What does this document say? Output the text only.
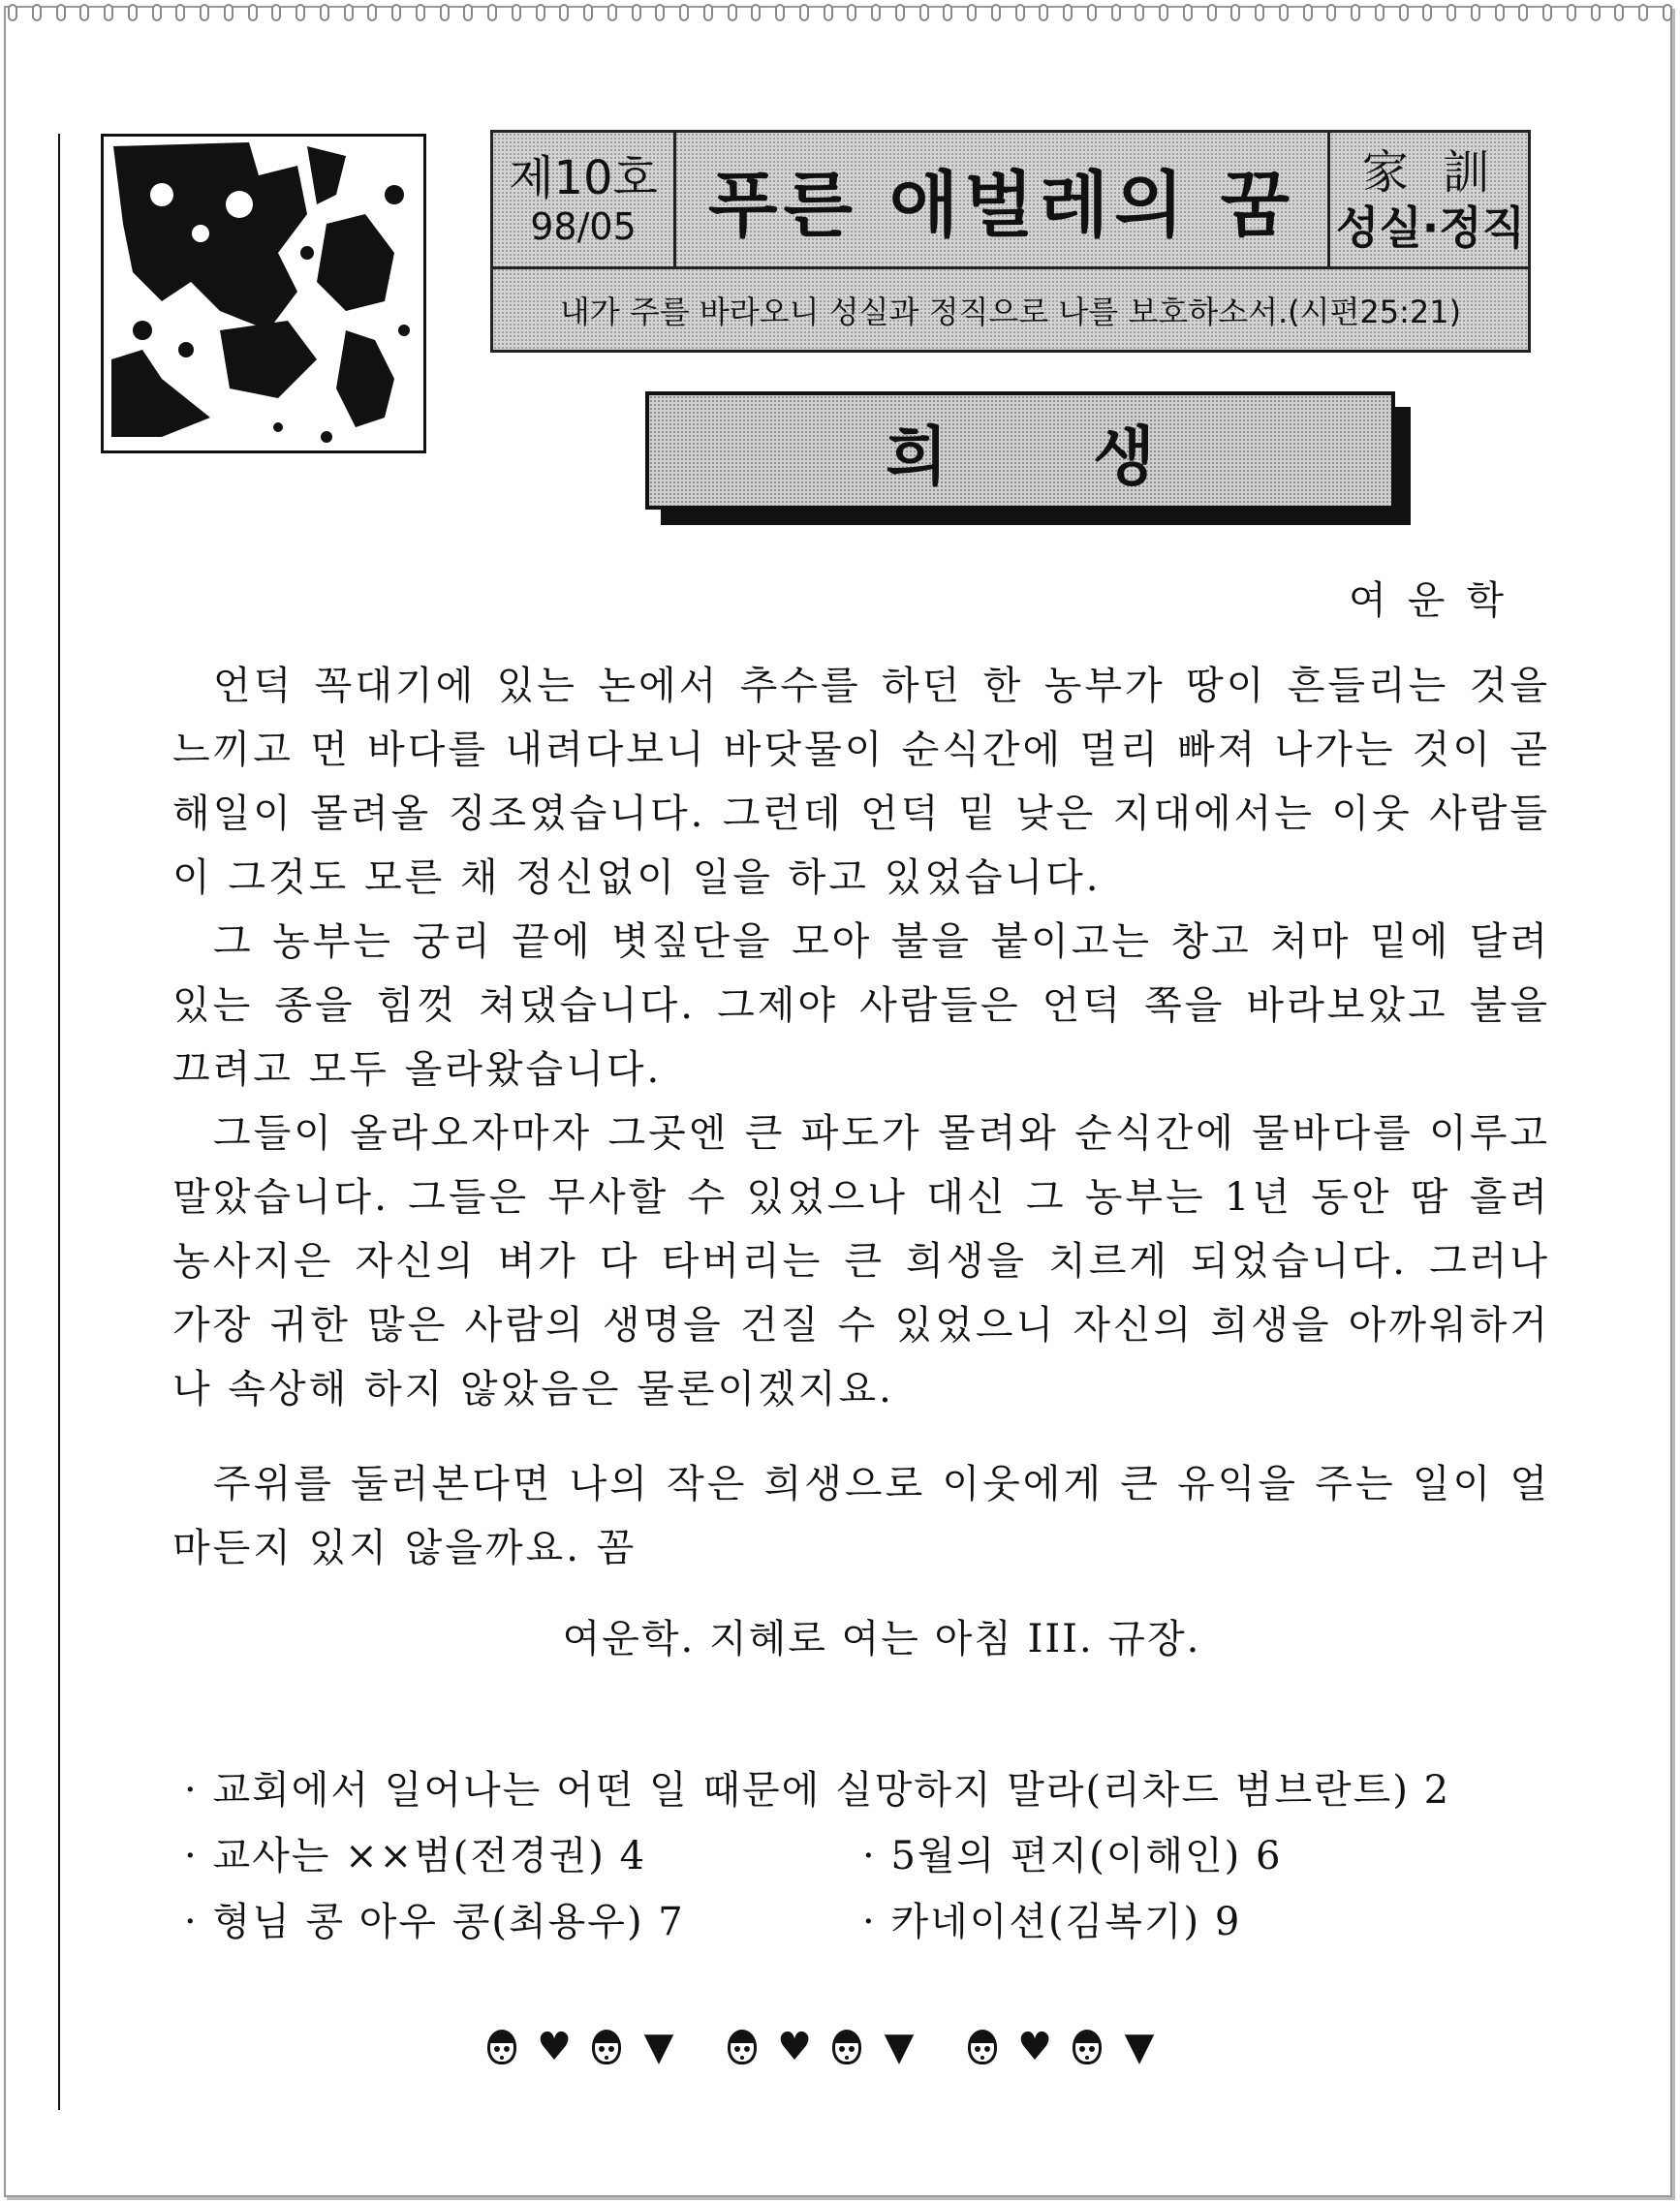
제10호
98/05	푸른 애벌레의 꿈	家 訓
성실·정직
내가 주를 바라오니 성실과 정직으로 나를 보호하소서.(시편25:21)
희생
여운학

언덕 꼭대기에 있는 논에서 추수를 하던 한 농부가 땅이 흔들리는 것을 느끼고 먼 바다를 내려다보니 바닷물이 순식간에 멀리 빠져 나가는 것이 곧 해일이 몰려올 징조였습니다. 그런데 언덕 밑 낮은 지대에서는 이웃 사람들이 그것도 모른 채 정신없이 일을 하고 있었습니다.

그 농부는 궁리 끝에 볏짚단을 모아 불을 붙이고는 창고 처마 밑에 달려 있는 종을 힘껏 쳐댔습니다. 그제야 사람들은 언덕 쪽을 바라보았고 불을 끄려고 모두 올라왔습니다.

그들이 올라오자마자 그곳엔 큰 파도가 몰려와 순식간에 물바다를 이루고 말았습니다. 그들은 무사할 수 있었으나 대신 그 농부는 1년 동안 땀 흘려 농사지은 자신의 벼가 다 타버리는 큰 희생을 치르게 되었습니다. 그러나 가장 귀한 많은 사람의 생명을 건질 수 있었으니 자신의 희생을 아까워하거나 속상해 하지 않았음은 물론이겠지요.

주위를 둘러본다면 나의 작은 희생으로 이웃에게 큰 유익을 주는 일이 얼마든지 있지 않을까요. 꼼

여운학. 지혜로 여는 아침 III. 규장.
· 교회에서 일어나는 어떤 일 때문에 실망하지 말라(리차드 범브란트) 2
· 교사는 ××범(전경권) 4	· 5월의 편지(이해인) 6
· 형님 콩 아우 콩(최용우) 7	· 카네이션(김복기) 9
♥ ▼	♥ ▼	♥ ▼
